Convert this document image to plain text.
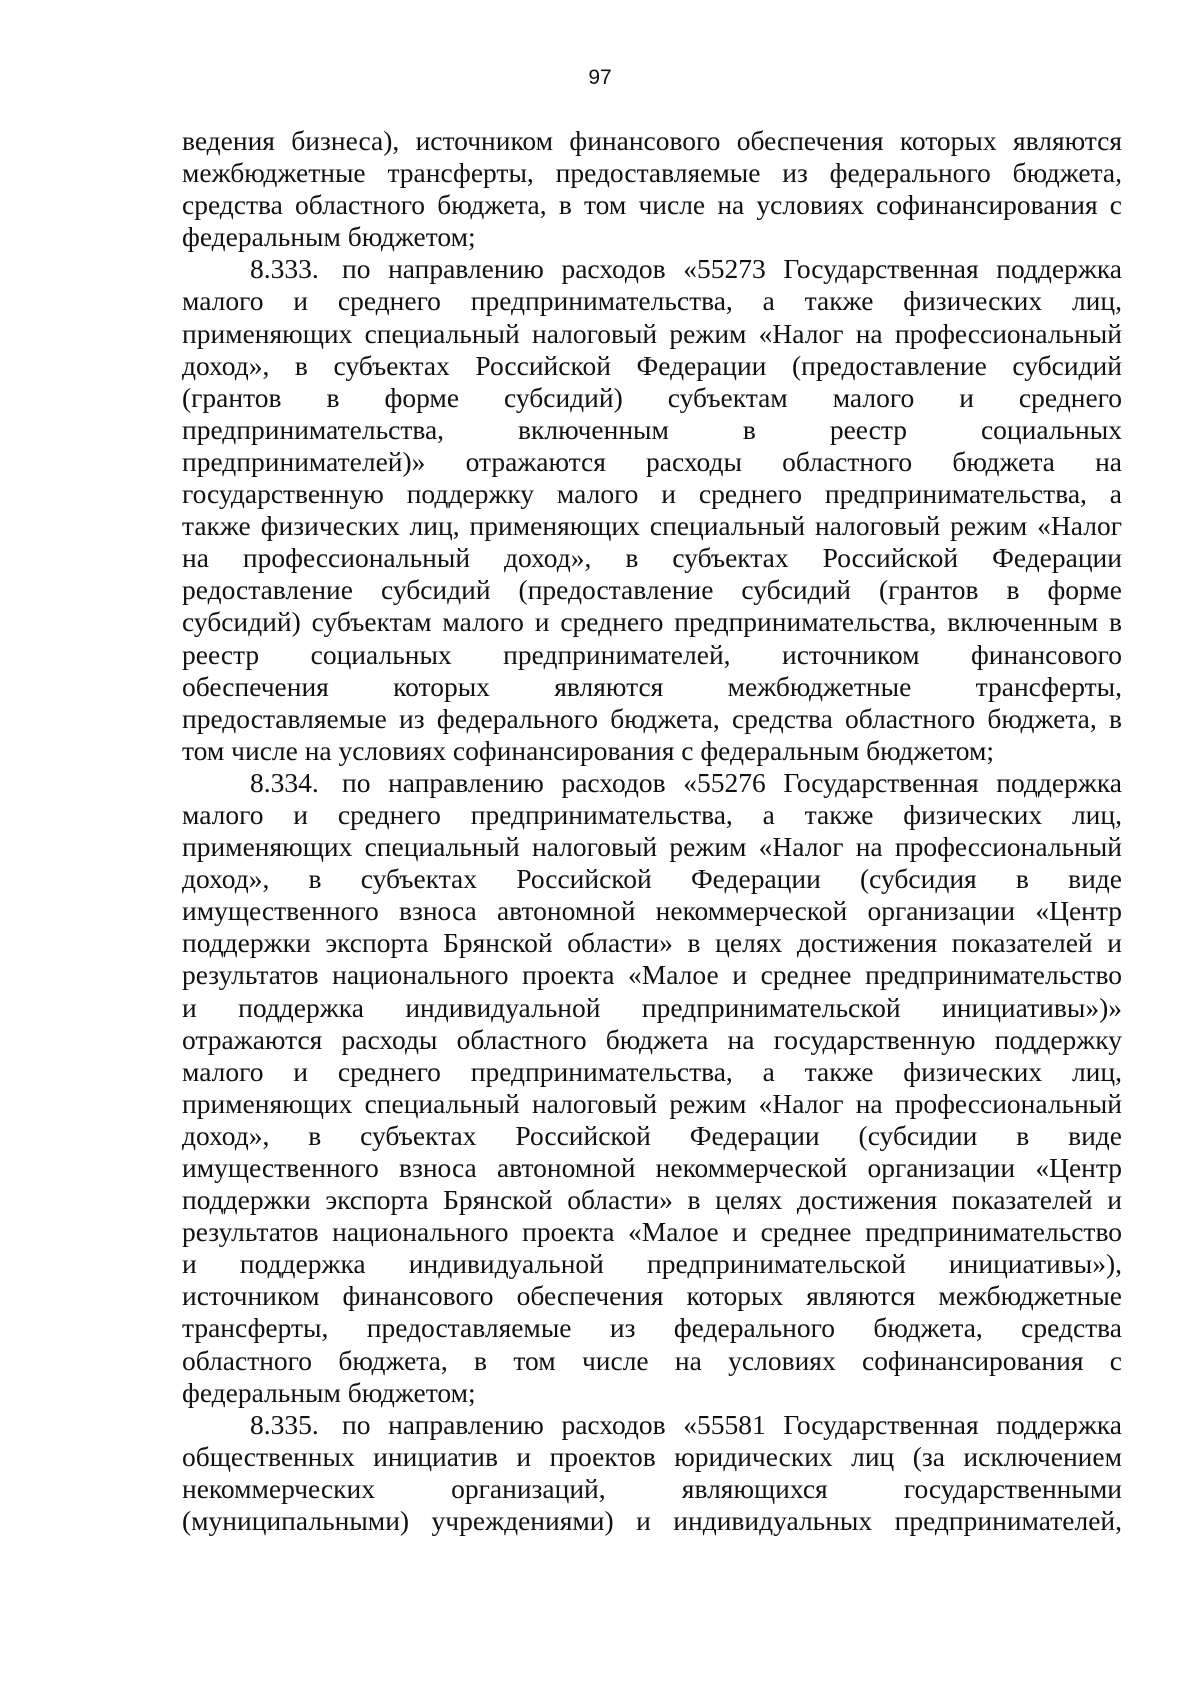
97
ведения бизнеса), источником финансового обеспечения которых являются
межбюджетные трансферты, предоставляемые из федерального бюджета,
средства областного бюджета, в том числе на условиях софинансирования с
федеральным бюджетом;
8.333. по направлению расходов «55273 Государственная поддержка
малого и среднего предпринимательства, а также физических лиц,
применяющих специальный налоговый режим «Налог на профессиональный
доход», в субъектах Российской Федерации (предоставление субсидий
(грантов в форме субсидий) субъектам малого и среднего
предпринимательства, включенным в реестр социальных
предпринимателей)» отражаются расходы областного бюджета на
государственную поддержку малого и среднего предпринимательства, а
также физических лиц, применяющих специальный налоговый режим «Налог
на профессиональный доход», в субъектах Российской Федерации
редоставление субсидий (предоставление субсидий (грантов в форме
субсидий) субъектам малого и среднего предпринимательства, включенным в
реестр социальных предпринимателей, источником финансового
обеспечения которых являются межбюджетные трансферты,
предоставляемые из федерального бюджета, средства областного бюджета, в
том числе на условиях софинансирования с федеральным бюджетом;
8.334. по направлению расходов «55276 Государственная поддержка
малого и среднего предпринимательства, а также физических лиц,
применяющих специальный налоговый режим «Налог на профессиональный
доход», в субъектах Российской Федерации (субсидия в виде
имущественного взноса автономной некоммерческой организации «Центр
поддержки экспорта Брянской области» в целях достижения показателей и
результатов национального проекта «Малое и среднее предпринимательство
и поддержка индивидуальной предпринимательской инициативы»)»
отражаются расходы областного бюджета на государственную поддержку
малого и среднего предпринимательства, а также физических лиц,
применяющих специальный налоговый режим «Налог на профессиональный
доход», в субъектах Российской Федерации (субсидии в виде
имущественного взноса автономной некоммерческой организации «Центр
поддержки экспорта Брянской области» в целях достижения показателей и
результатов национального проекта «Малое и среднее предпринимательство
и поддержка индивидуальной предпринимательской инициативы»),
источником финансового обеспечения которых являются межбюджетные
трансферты, предоставляемые из федерального бюджета, средства
областного бюджета, в том числе на условиях софинансирования с
федеральным бюджетом;
8.335. по направлению расходов «55581 Государственная поддержка
общественных инициатив и проектов юридических лиц (за исключением
некоммерческих организаций, являющихся государственными
(муниципальными) учреждениями) и индивидуальных предпринимателей,
